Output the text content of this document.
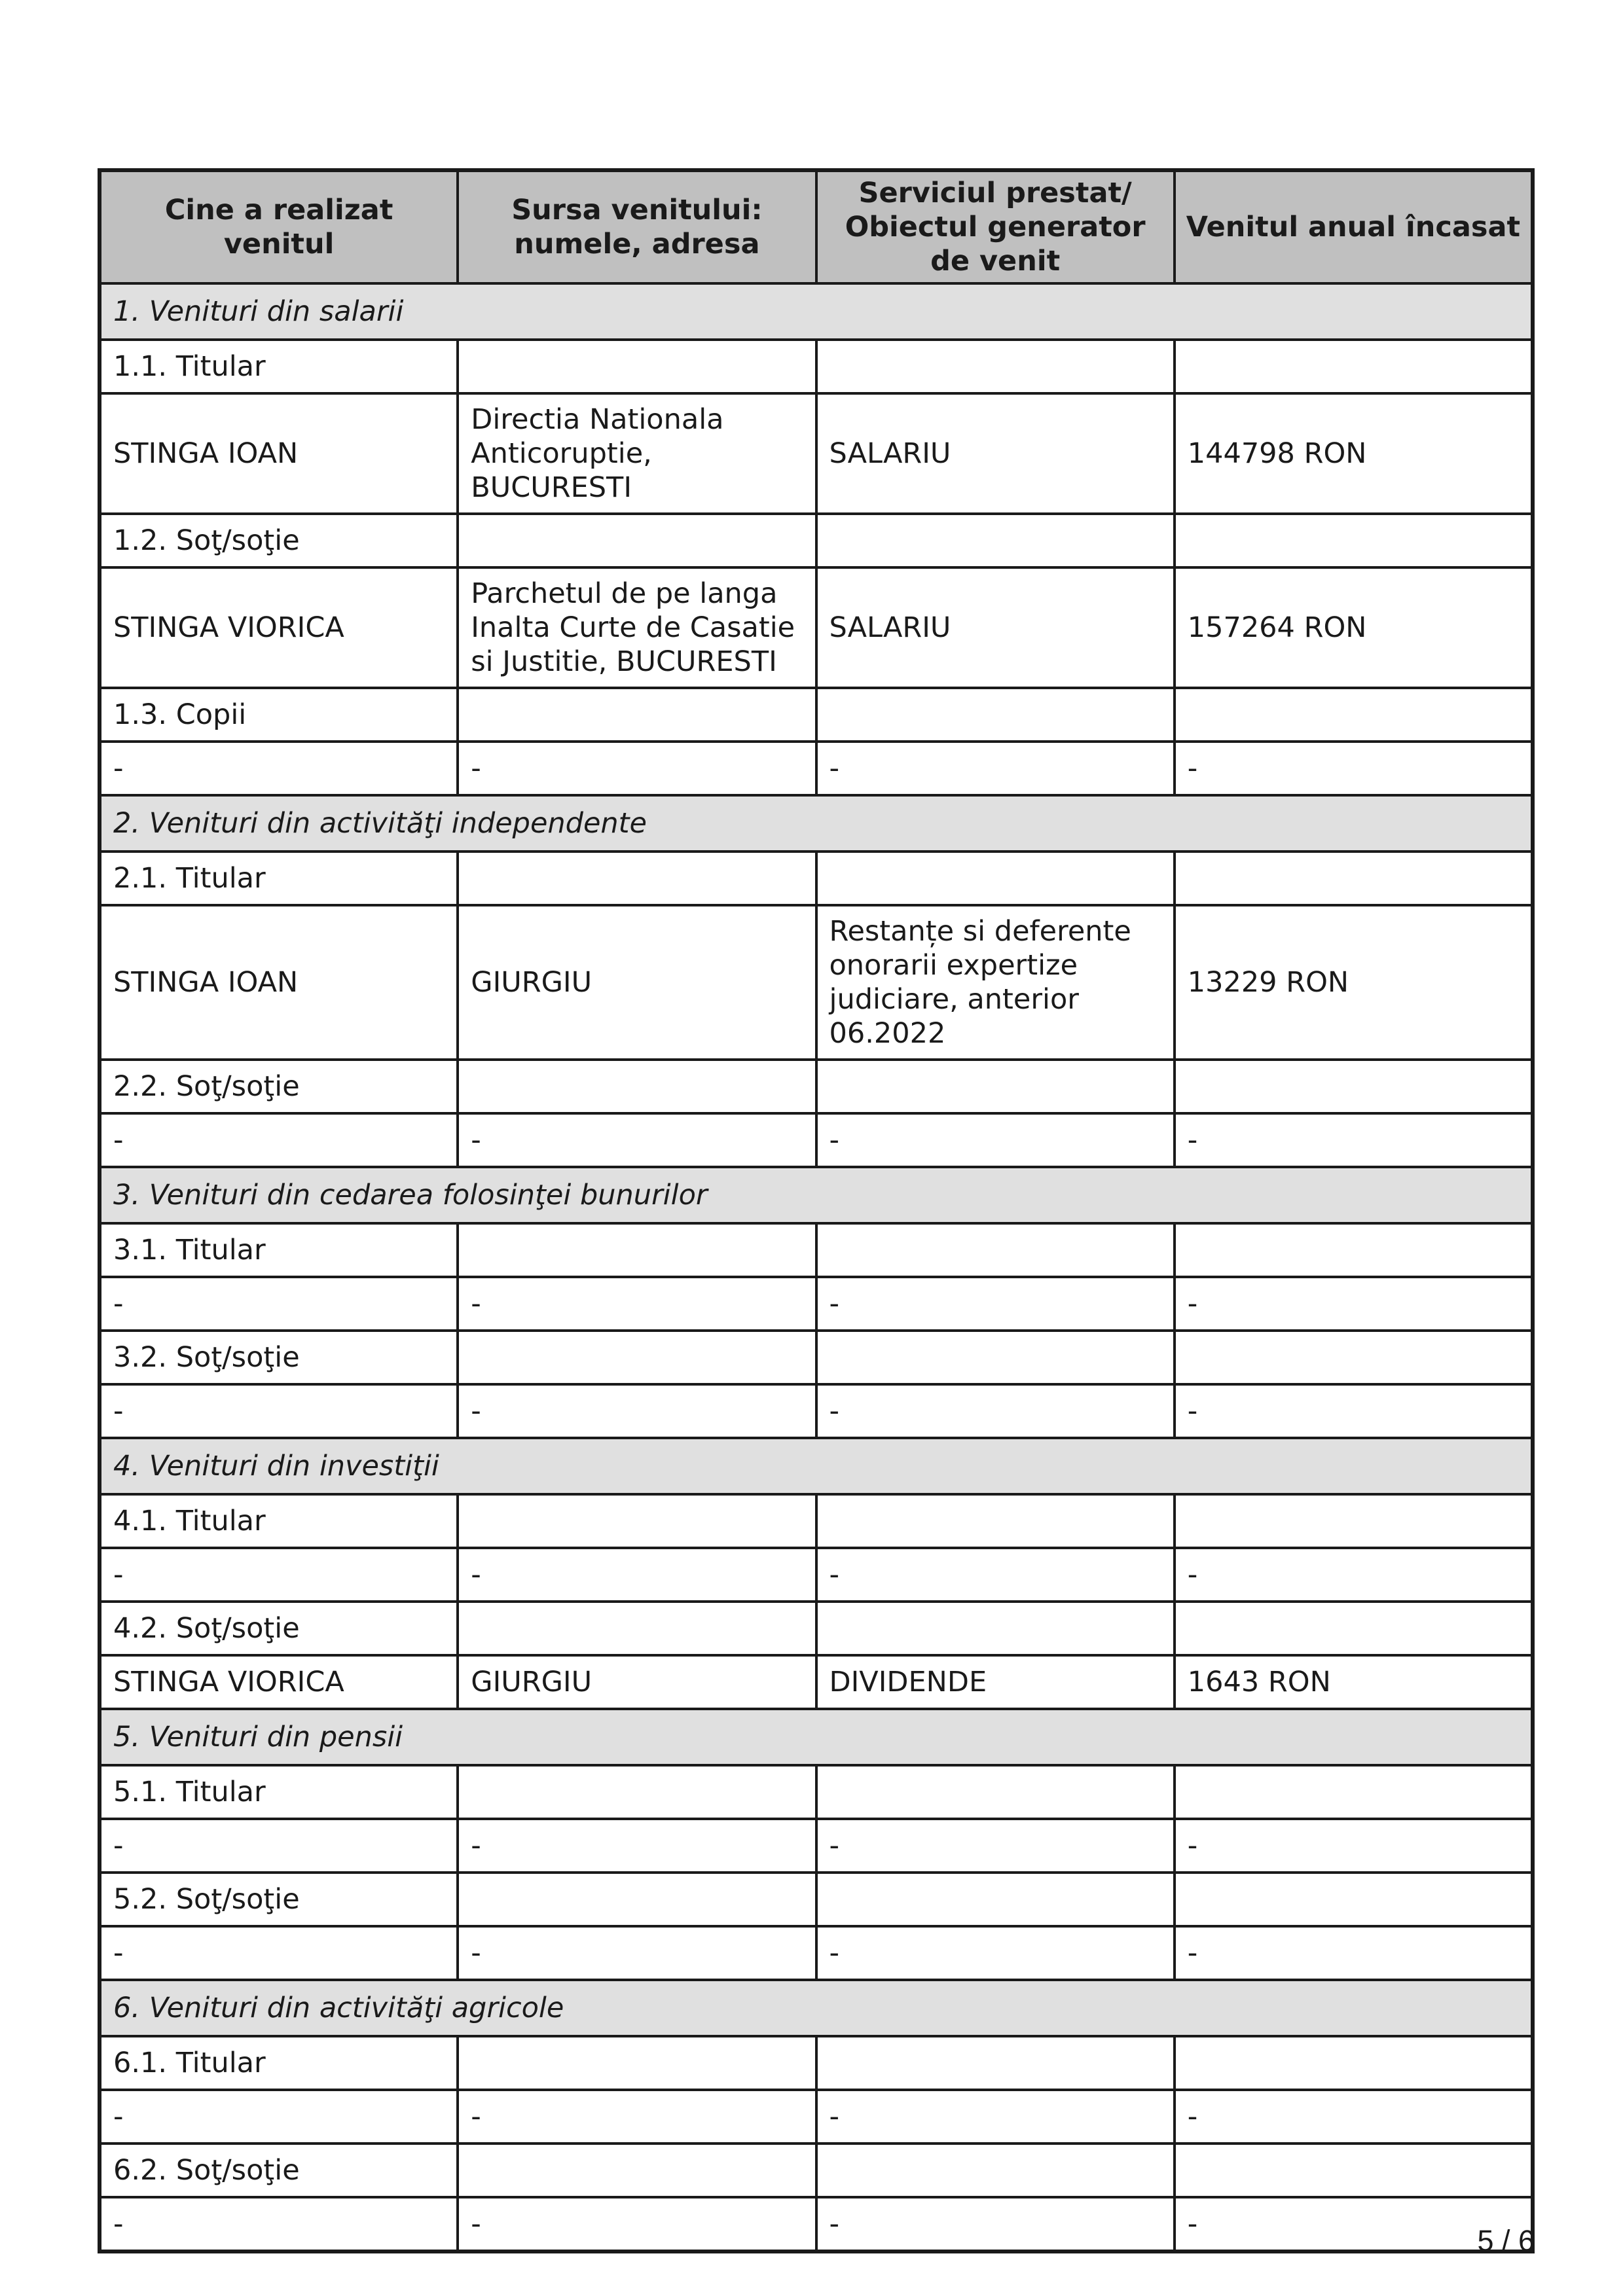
Cine a realizat venitul	Sursa venitului: numele, adresa	Serviciul prestat/ Obiectul generator de venit	Venitul anual încasat
1. Venituri din salarii			
1.1. Titular			
STINGA IOAN	Directia Nationala Anticoruptie, BUCURESTI	SALARIU	144798 RON
1.2. Soţ/soţie			
STINGA VIORICA	Parchetul de pe langa Inalta Curte de Casatie si Justitie, BUCURESTI	SALARIU	157264 RON
1.3. Copii			
-	-	-	-
2. Venituri din activităţi independente			
2.1. Titular			
STINGA IOAN	GIURGIU	Restanțe si deferente onorarii expertize judiciare, anterior 06.2022	13229 RON
2.2. Soţ/soţie			
-	-	-	-
3. Venituri din cedarea folosinţei bunurilor			
3.1. Titular			
-	-	-	-
3.2. Soţ/soţie			
-	-	-	-
4. Venituri din investiţii			
4.1. Titular			
-	-	-	-
4.2. Soţ/soţie			
STINGA VIORICA	GIURGIU	DIVIDENDE	1643 RON
5. Venituri din pensii			
5.1. Titular			
-	-	-	-
5.2. Soţ/soţie			
-	-	-	-
6. Venituri din activităţi agricole			
6.1. Titular			
-	-	-	-
6.2. Soţ/soţie			
-	-	-	-	5 / 6
